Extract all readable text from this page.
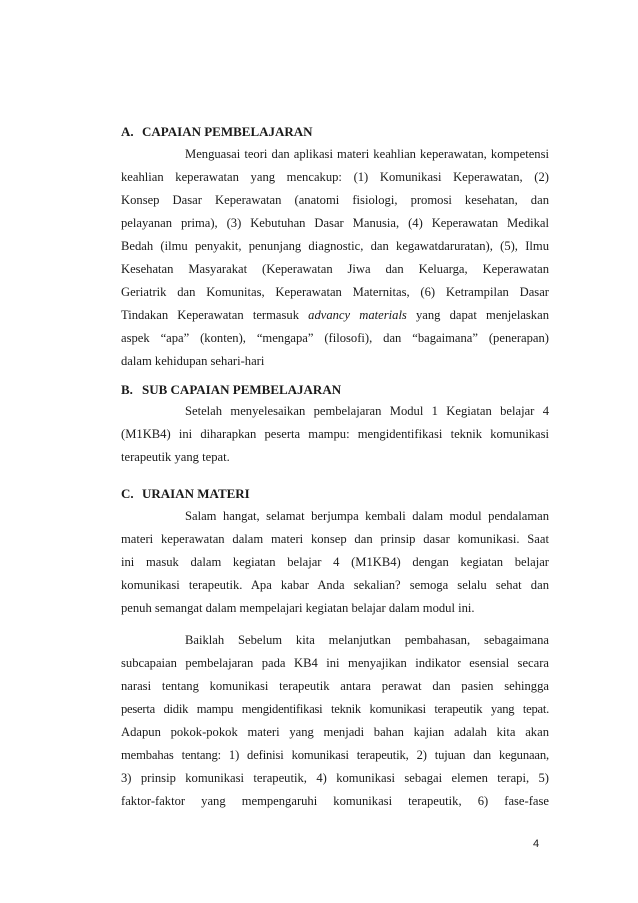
A. CAPAIAN PEMBELAJARAN
Menguasai teori dan aplikasi materi keahlian keperawatan, kompetensi
keahlian keperawatan yang mencakup: (1) Komunikasi Keperawatan, (2)
Konsep Dasar Keperawatan (anatomi fisiologi, promosi kesehatan, dan
pelayanan prima), (3) Kebutuhan Dasar Manusia, (4) Keperawatan Medikal
Bedah (ilmu penyakit, penunjang diagnostic, dan kegawatdaruratan), (5), Ilmu
Kesehatan Masyarakat (Keperawatan Jiwa dan Keluarga, Keperawatan
Geriatrik dan Komunitas, Keperawatan Maternitas, (6) Ketrampilan Dasar
Tindakan Keperawatan termasuk advancy materials yang dapat menjelaskan
aspek “apa” (konten), “mengapa” (filosofi), dan “bagaimana” (penerapan)
dalam kehidupan sehari-hari
B. SUB CAPAIAN PEMBELAJARAN
Setelah menyelesaikan pembelajaran Modul 1 Kegiatan belajar 4
(M1KB4) ini diharapkan peserta mampu: mengidentifikasi teknik komunikasi
terapeutik yang tepat.
C. URAIAN MATERI
Salam hangat, selamat berjumpa kembali dalam modul pendalaman
materi keperawatan dalam materi konsep dan prinsip dasar komunikasi. Saat
ini masuk dalam kegiatan belajar 4 (M1KB4) dengan kegiatan belajar
komunikasi terapeutik. Apa kabar Anda sekalian? semoga selalu sehat dan
penuh semangat dalam mempelajari kegiatan belajar dalam modul ini.
Baiklah Sebelum kita melanjutkan pembahasan, sebagaimana
subcapaian pembelajaran pada KB4 ini menyajikan indikator esensial secara
narasi tentang komunikasi terapeutik antara perawat dan pasien sehingga
peserta didik mampu mengidentifikasi teknik komunikasi terapeutik yang tepat.
Adapun pokok-pokok materi yang menjadi bahan kajian adalah kita akan
membahas tentang: 1) definisi komunikasi terapeutik, 2) tujuan dan kegunaan,
3) prinsip komunikasi terapeutik, 4) komunikasi sebagai elemen terapi, 5)
faktor-faktor yang mempengaruhi komunikasi terapeutik, 6) fase-fase
4
